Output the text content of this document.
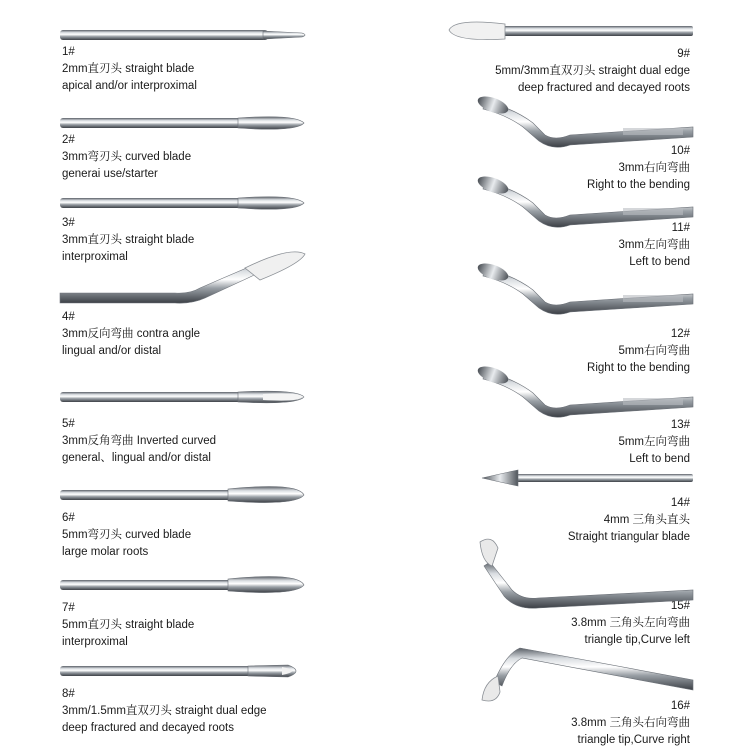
1#
2mm直刃头 straight blade
apical and/or interproximal
2#
3mm弯刃头 curved blade
generai use/starter
3#
3mm直刃头 straight blade
interproximal
4#
3mm反向弯曲 contra angle
lingual and/or distal
5#
3mm反角弯曲 Inverted curved
general、lingual and/or distal
6#
5mm弯刃头 curved blade
large molar roots
7#
5mm直刃头 straight blade
interproximal
8#
3mm/1.5mm直双刃头 straight dual edge
deep fractured and decayed roots
9#
5mm/3mm直双刃头 straight dual edge
deep fractured and decayed roots
10#
3mm右向弯曲
Right to the bending
11#
3mm左向弯曲
Left to bend
12#
5mm右向弯曲
Right to the bending
13#
5mm左向弯曲
Left to bend
14#
4mm 三角头直头
Straight triangular blade
15#
3.8mm 三角头左向弯曲
triangle tip,Curve left
16#
3.8mm 三角头右向弯曲
triangle tip,Curve right
